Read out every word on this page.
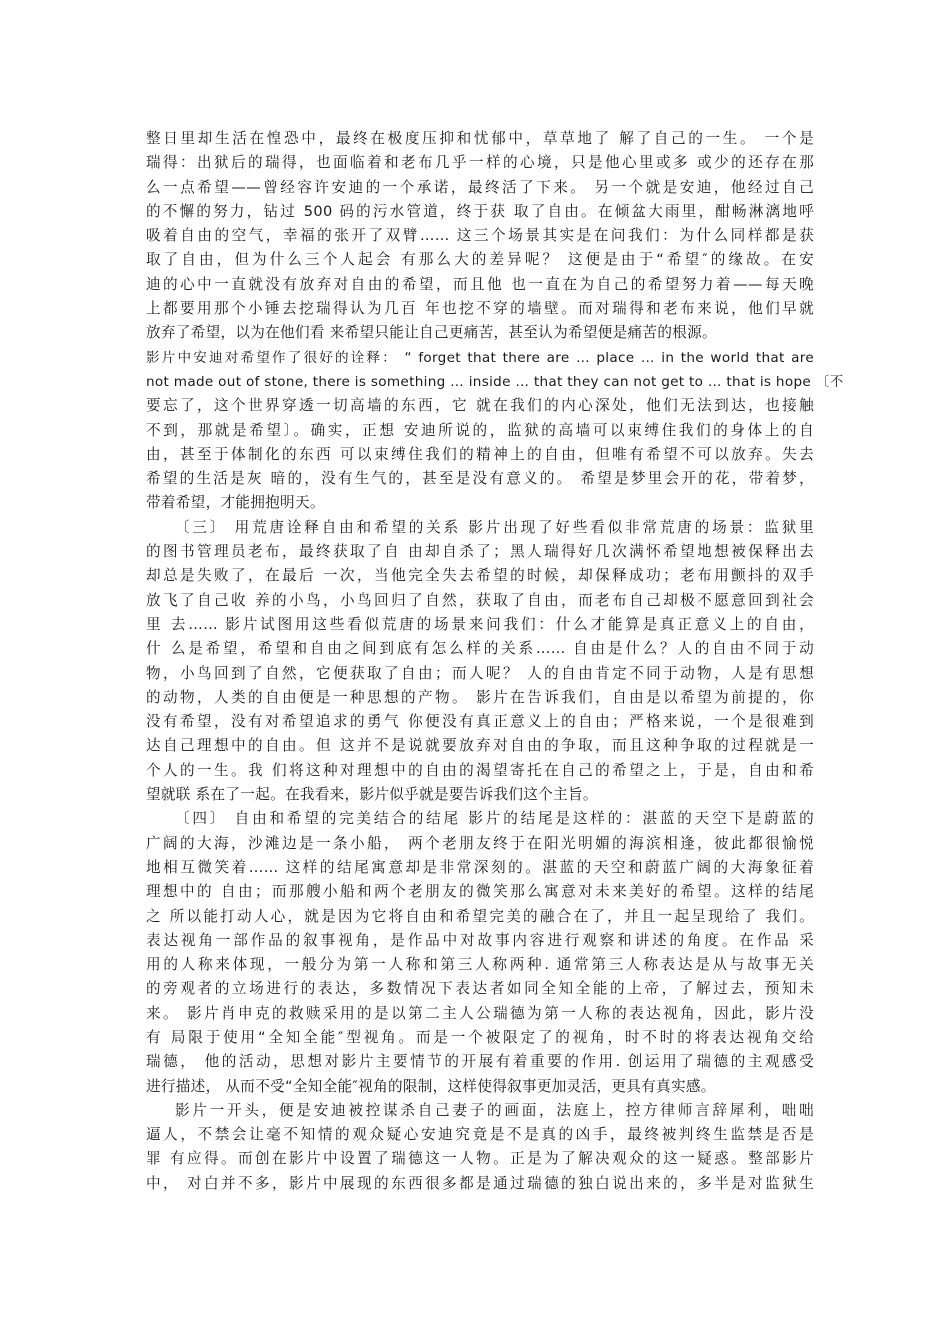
整日里却生活在惶恐中，最终在极度压抑和忧郁中，草草地了 解了自己的一生。 一个是
瑞得：出狱后的瑞得，也面临着和老布几乎一样的心境，只是他心里或多 或少的还存在那
么一点希望——曾经容许安迪的一个承诺，最终活了下来。 另一个就是安迪，他经过自己
的不懈的努力，钻过 500 码的污水管道，终于获 取了自由。在倾盆大雨里，酣畅淋漓地呼
吸着自由的空气，幸福的张开了双臂…… 这三个场景其实是在问我们：为什么同样都是获
取了自由，但为什么三个人起会 有那么大的差异呢？ 这便是由于“希望″的缘故。在安
迪的心中一直就没有放弃对自由的希望，而且他 也一直在为自己的希望努力着——每天晚
上都要用那个小锤去挖瑞得认为几百 年也挖不穿的墙壁。而对瑞得和老布来说，他们早就
放弃了希望，以为在他们看 来希望只能让自己更痛苦，甚至认为希望便是痛苦的根源。
影片中安迪对希望作了很好的诠释： “ forget that there are … place … in the world that are
not made out of stone, there is something … inside … that they can not get to … that is hope 〔不
要忘了，这个世界穿透一切高墙的东西，它 就在我们的内心深处，他们无法到达，也接触
不到，那就是希望〕。确实，正想 安迪所说的，监狱的高墙可以束缚住我们的身体上的自
由，甚至于体制化的东西 可以束缚住我们的精神上的自由，但唯有希望不可以放弃。失去
希望的生活是灰 暗的，没有生气的，甚至是没有意义的。 希望是梦里会开的花，带着梦，
带着希望，才能拥抱明天。
〔三〕 用荒唐诠释自由和希望的关系 影片出现了好些看似非常荒唐的场景：监狱里
的图书管理员老布，最终获取了自 由却自杀了；黑人瑞得好几次满怀希望地想被保释出去
却总是失败了，在最后 一次，当他完全失去希望的时候，却保释成功；老布用颤抖的双手
放飞了自己收 养的小鸟，小鸟回归了自然，获取了自由，而老布自己却极不愿意回到社会
里 去…… 影片试图用这些看似荒唐的场景来问我们：什么才能算是真正意义上的自由，
什 么是希望，希望和自由之间到底有怎么样的关系…… 自由是什么？人的自由不同于动
物，小鸟回到了自然，它便获取了自由；而人呢？ 人的自由肯定不同于动物，人是有思想
的动物，人类的自由便是一种思想的产物。 影片在告诉我们，自由是以希望为前提的，你
没有希望，没有对希望追求的勇气 你便没有真正意义上的自由；严格来说，一个是很难到
达自己理想中的自由。但 这并不是说就要放弃对自由的争取，而且这种争取的过程就是一
个人的一生。我 们将这种对理想中的自由的渴望寄托在自己的希望之上，于是，自由和希
望就联 系在了一起。在我看来，影片似乎就是要告诉我们这个主旨。
〔四〕 自由和希望的完美结合的结尾 影片的结尾是这样的：湛蓝的天空下是蔚蓝的
广阔的大海，沙滩边是一条小船， 两个老朋友终于在阳光明媚的海滨相逢，彼此都很愉悦
地相互微笑着…… 这样的结尾寓意却是非常深刻的。湛蓝的天空和蔚蓝广阔的大海象征着
理想中的 自由；而那艘小船和两个老朋友的微笑那么寓意对未来美好的希望。这样的结尾
之 所以能打动人心，就是因为它将自由和希望完美的融合在了，并且一起呈现给了 我们。
表达视角一部作品的叙事视角，是作品中对故事内容进行观察和讲述的角度。在作品 采
用的人称来体现，一般分为第一人称和第三人称两种. 通常第三人称表达是从与故事无关
的旁观者的立场进行的表达，多数情况下表达者如同全知全能的上帝，了解过去，预知未
来。 影片肖申克的救赎采用的是以第二主人公瑞德为第一人称的表达视角，因此，影片没
有 局限于使用“全知全能″型视角。而是一个被限定了的视角，时不时的将表达视角交给
瑞德， 他的活动，思想对影片主要情节的开展有着重要的作用. 创运用了瑞德的主观感受
进行描述， 从而不受“全知全能″视角的限制，这样使得叙事更加灵活，更具有真实感。
影片一开头，便是安迪被控谋杀自己妻子的画面，法庭上，控方律师言辞犀利，咄咄
逼人，不禁会让毫不知情的观众疑心安迪究竟是不是真的凶手，最终被判终生监禁是否是
罪 有应得。而创在影片中设置了瑞德这一人物。正是为了解决观众的这一疑惑。整部影片
中， 对白并不多，影片中展现的东西很多都是通过瑞德的独白说出来的，多半是对监狱生
